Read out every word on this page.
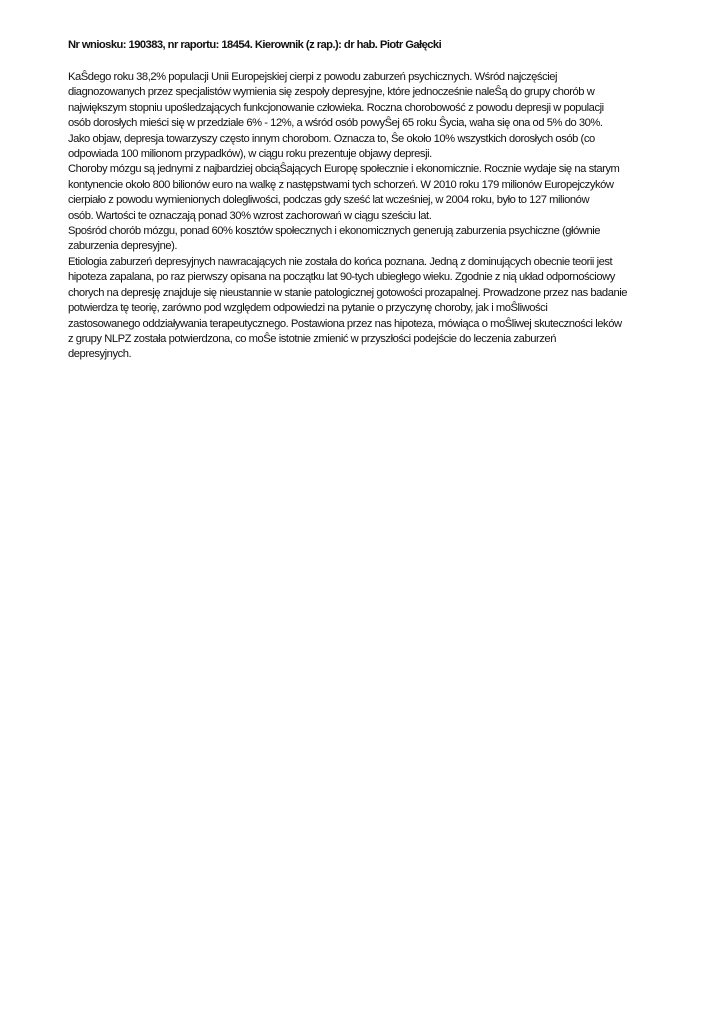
Nr wniosku: 190383, nr raportu: 18454. Kierownik (z rap.): dr hab. Piotr Gałęcki
KaŜdego roku 38,2% populacji Unii Europejskiej cierpi z powodu zaburzeń psychicznych. Wśród najczęściej
diagnozowanych przez specjalistów wymienia się zespoły depresyjne, które jednocześnie naleŜą do grupy chorób w
największym stopniu upośledzających funkcjonowanie człowieka. Roczna chorobowość z powodu depresji w populacji
osób dorosłych mieści się w przedziale 6% - 12%, a wśród osób powyŜej 65 roku Ŝycia, waha się ona od 5% do 30%.
Jako objaw, depresja towarzyszy często innym chorobom. Oznacza to, Ŝe około 10% wszystkich dorosłych osób (co
odpowiada 100 milionom przypadków), w ciągu roku prezentuje objawy depresji.
Choroby mózgu są jednymi z najbardziej obciąŜających Europę społecznie i ekonomicznie. Rocznie wydaje się na starym
kontynencie około 800 bilionów euro na walkę z następstwami tych schorzeń. W 2010 roku 179 milionów Europejczyków
cierpiało z powodu wymienionych dolegliwości, podczas gdy sześć lat wcześniej, w 2004 roku, było to 127 milionów
osób. Wartości te oznaczają ponad 30% wzrost zachorowań w ciągu sześciu lat.
Spośród chorób mózgu, ponad 60% kosztów społecznych i ekonomicznych generują zaburzenia psychiczne (głównie
zaburzenia depresyjne).
Etiologia zaburzeń depresyjnych nawracających nie została do końca poznana. Jedną z dominujących obecnie teorii jest
hipoteza zapalana, po raz pierwszy opisana na początku lat 90-tych ubiegłego wieku. Zgodnie z nią układ odpornościowy
chorych na depresję znajduje się nieustannie w stanie patologicznej gotowości prozapalnej. Prowadzone przez nas badanie
potwierdza tę teorię, zarówno pod względem odpowiedzi na pytanie o przyczynę choroby, jak i moŜliwości
zastosowanego oddziaływania terapeutycznego. Postawiona przez nas hipoteza, mówiąca o moŜliwej skuteczności leków
z grupy NLPZ została potwierdzona, co moŜe istotnie zmienić w przyszłości podejście do leczenia zaburzeń
depresyjnych.
